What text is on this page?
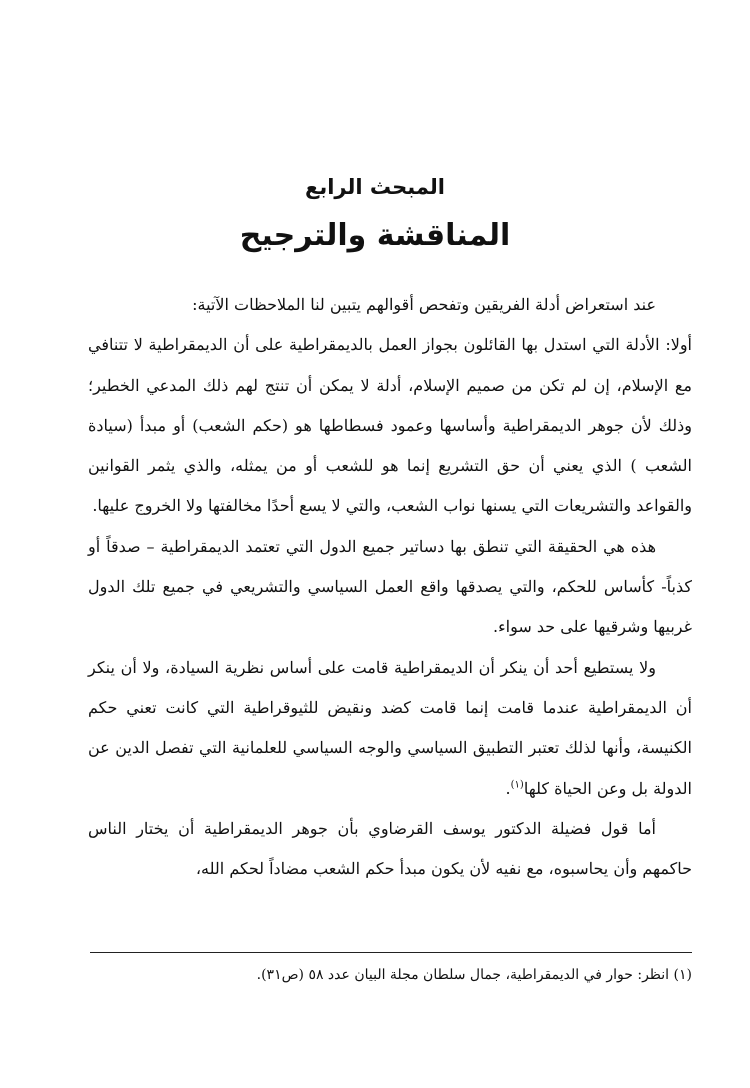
المبحث الرابع
المناقشة والترجيح

عند استعراض أدلة الفريقين وتفحص أقوالهم يتبين لنا الملاحظات الآتية:

أولا: الأدلة التي استدل بها القائلون بجواز العمل بالديمقراطية على أن الديمقراطية لا تتنافي مع الإسلام، إن لم تكن من صميم الإسلام، أدلة لا يمكن أن تنتج لهم ذلك المدعي الخطير؛ وذلك لأن جوهر الديمقراطية وأساسها وعمود فسطاطها هو (حكم الشعب) أو مبدأ (سيادة الشعب ) الذي يعني أن حق التشريع إنما هو للشعب أو من يمثله، والذي يثمر القوانين والقواعد والتشريعات التي يسنها نواب الشعب، والتي لا يسع أحدًا مخالفتها ولا الخروج عليها.

هذه هي الحقيقة التي تنطق بها دساتير جميع الدول التي تعتمد الديمقراطية – صدقاً أو كذباً- كأساس للحكم، والتي يصدقها واقع العمل السياسي والتشريعي في جميع تلك الدول غربيها وشرقيها على حد سواء.

ولا يستطيع أحد أن ينكر أن الديمقراطية قامت على أساس نظرية السيادة، ولا أن ينكر أن الديمقراطية عندما قامت إنما قامت كضد ونقيض للثيوقراطية التي كانت تعني حكم الكنيسة، وأنها لذلك تعتبر التطبيق السياسي والوجه السياسي للعلمانية التي تفصل الدين عن الدولة بل وعن الحياة كلها$^{(١)}$.

أما قول فضيلة الدكتور يوسف القرضاوي بأن جوهر الديمقراطية أن يختار الناس حاكمهم وأن يحاسبوه، مع نفيه لأن يكون مبدأ حكم الشعب مضاداً لحكم الله،

(١) انظر: حوار في الديمقراطية، جمال سلطان مجلة البيان عدد ٥٨ (ص٣١).
